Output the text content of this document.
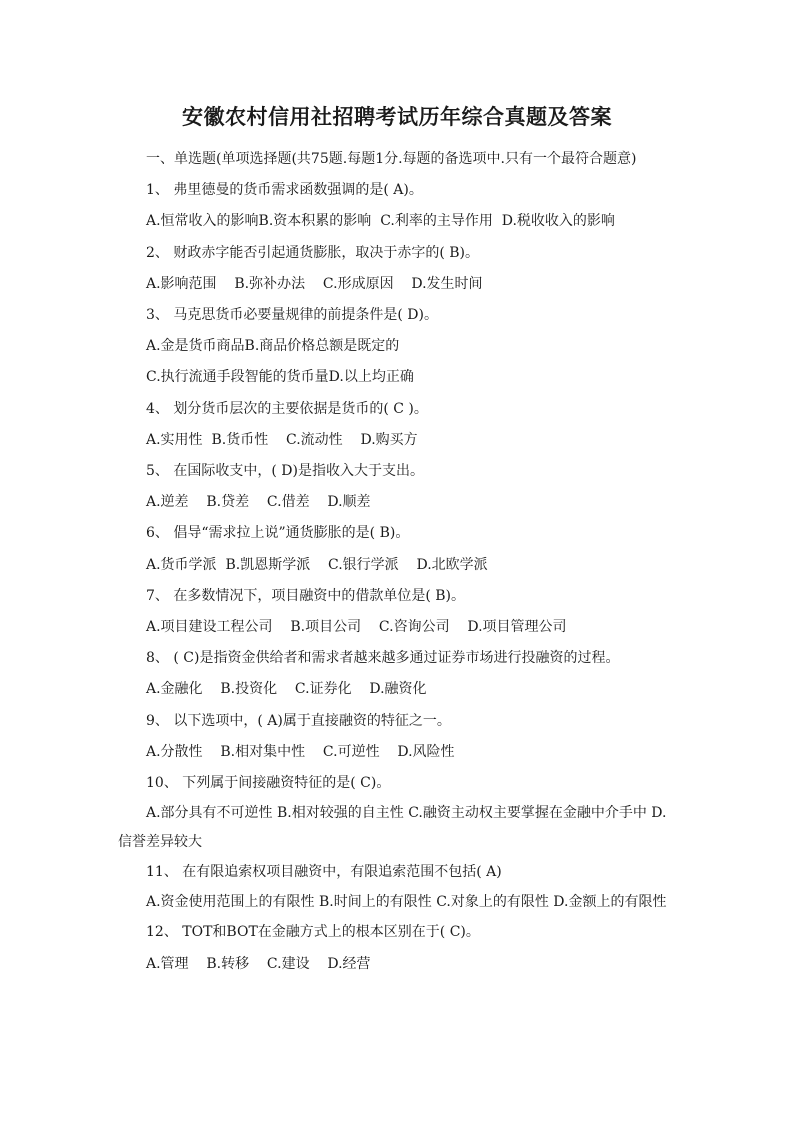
安徽农村信用社招聘考试历年综合真题及答案

一、单选题(单项选择题(共75题.每题1分.每题的备选项中.只有一个最符合题意)

1、 弗里德曼的货币需求函数强调的是( A)。

A.恒常收入的影响B.资本积累的影响  C.利率的主导作用  D.税收收入的影响

2、 财政赤字能否引起通货膨胀，取决于赤字的( B)。

A.影响范围    B.弥补办法    C.形成原因    D.发生时间

3、 马克思货币必要量规律的前提条件是( D)。

A.金是货币商品B.商品价格总额是既定的

C.执行流通手段智能的货币量D.以上均正确

4、 划分货币层次的主要依据是货币的( C )。

A.实用性  B.货币性    C.流动性    D.购买方

5、 在国际收支中，( D)是指收入大于支出。

A.逆差    B.贷差    C.借差    D.顺差

6、 倡导“需求拉上说”通货膨胀的是( B)。

A.货币学派  B.凯恩斯学派    C.银行学派    D.北欧学派

7、 在多数情况下，项目融资中的借款单位是( B)。

A.项目建设工程公司    B.项目公司    C.咨询公司    D.项目管理公司

8、 ( C)是指资金供给者和需求者越来越多通过证券市场进行投融资的过程。

A.金融化    B.投资化    C.证券化    D.融资化

9、 以下选项中，( A)属于直接融资的特征之一。

A.分散性    B.相对集中性    C.可逆性    D.风险性

10、 下列属于间接融资特征的是( C)。

A.部分具有不可逆性 B.相对较强的自主性 C.融资主动权主要掌握在金融中介手中 D.信誉差异较大

11、 在有限追索权项目融资中，有限追索范围不包括( A)

A.资金使用范围上的有限性 B.时间上的有限性 C.对象上的有限性 D.金额上的有限性

12、 TOT和BOT在金融方式上的根本区别在于( C)。

A.管理    B.转移    C.建设    D.经营
